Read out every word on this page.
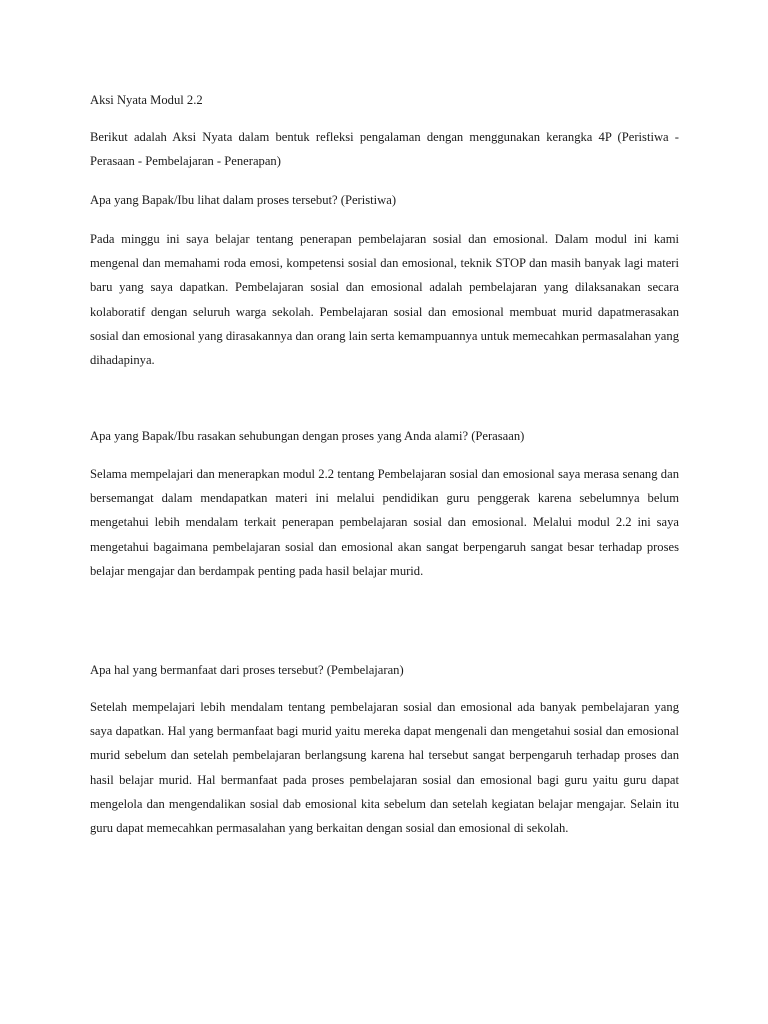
Aksi Nyata Modul 2.2

Berikut adalah Aksi Nyata dalam bentuk refleksi pengalaman dengan menggunakan kerangka 4P (Peristiwa - Perasaan - Pembelajaran - Penerapan)

Apa yang Bapak/Ibu lihat dalam proses tersebut? (Peristiwa)

Pada minggu ini saya belajar tentang penerapan pembelajaran sosial dan emosional. Dalam modul ini kami mengenal dan memahami roda emosi, kompetensi sosial dan emosional, teknik STOP dan masih banyak lagi materi baru yang saya dapatkan. Pembelajaran sosial dan emosional adalah pembelajaran yang dilaksanakan secara kolaboratif dengan seluruh warga sekolah. Pembelajaran sosial dan emosional membuat murid dapatmerasakan sosial dan emosional yang dirasakannya dan orang lain serta kemampuannya untuk memecahkan permasalahan yang dihadapinya.

Apa yang Bapak/Ibu rasakan sehubungan dengan proses yang Anda alami? (Perasaan)

Selama mempelajari dan menerapkan modul 2.2 tentang Pembelajaran sosial dan emosional saya merasa senang dan bersemangat dalam mendapatkan materi ini melalui pendidikan guru penggerak karena sebelumnya belum mengetahui lebih mendalam terkait penerapan pembelajaran sosial dan emosional. Melalui modul 2.2 ini saya mengetahui bagaimana pembelajaran sosial dan emosional akan sangat berpengaruh sangat besar terhadap proses belajar mengajar dan berdampak penting pada hasil belajar murid.

Apa hal yang bermanfaat dari proses tersebut? (Pembelajaran)

Setelah mempelajari lebih mendalam tentang pembelajaran sosial dan emosional ada banyak pembelajaran yang saya dapatkan. Hal yang bermanfaat bagi murid yaitu mereka dapat mengenali dan mengetahui sosial dan emosional murid sebelum dan setelah pembelajaran berlangsung karena hal tersebut sangat berpengaruh terhadap proses dan hasil belajar murid. Hal bermanfaat pada proses pembelajaran sosial dan emosional bagi guru yaitu guru dapat mengelola dan mengendalikan sosial dab emosional kita sebelum dan setelah kegiatan belajar mengajar. Selain itu guru dapat memecahkan permasalahan yang berkaitan dengan sosial dan emosional di sekolah.
